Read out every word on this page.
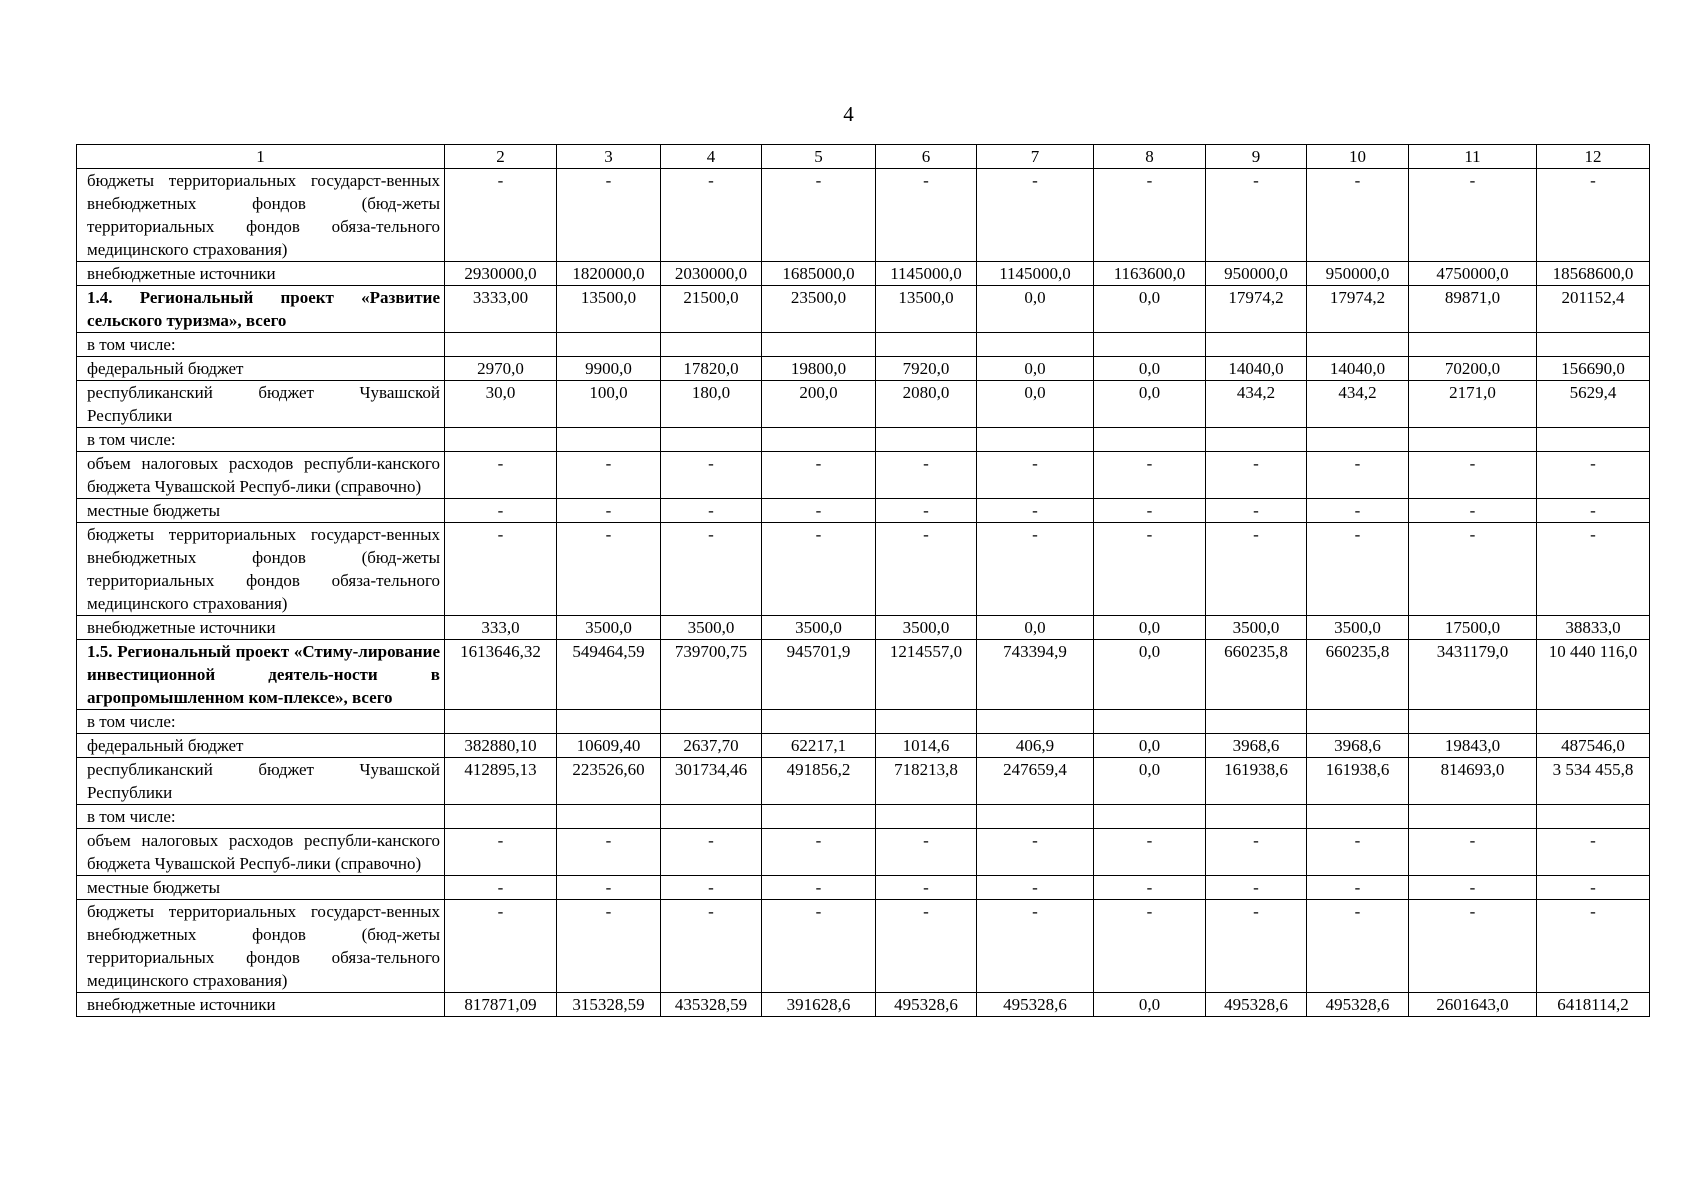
4
1	2	3	4	5	6	7	8	9	10	11	12
бюджеты территориальных государст-венных внебюджетных фондов (бюд-жеты территориальных фондов обяза-тельного медицинского страхования)	-	-	-	-	-	-	-	-	-	-	-
внебюджетные источники	2930000,0	1820000,0	2030000,0	1685000,0	1145000,0	1145000,0	1163600,0	950000,0	950000,0	4750000,0	18568600,0
1.4. Региональный проект «Развитие сельского туризма», всего	3333,00	13500,0	21500,0	23500,0	13500,0	0,0	0,0	17974,2	17974,2	89871,0	201152,4
в том числе:											
федеральный бюджет	2970,0	9900,0	17820,0	19800,0	7920,0	0,0	0,0	14040,0	14040,0	70200,0	156690,0
республиканский бюджет Чувашской Республики	30,0	100,0	180,0	200,0	2080,0	0,0	0,0	434,2	434,2	2171,0	5629,4
в том числе:											
объем налоговых расходов республи-канского бюджета Чувашской Респуб-лики (справочно)	-	-	-	-	-	-	-	-	-	-	-
местные бюджеты	-	-	-	-	-	-	-	-	-	-	-
бюджеты территориальных государст-венных внебюджетных фондов (бюд-жеты территориальных фондов обяза-тельного медицинского страхования)	-	-	-	-	-	-	-	-	-	-	-
внебюджетные источники	333,0	3500,0	3500,0	3500,0	3500,0	0,0	0,0	3500,0	3500,0	17500,0	38833,0
1.5. Региональный проект «Стиму-лирование инвестиционной деятель-ности в агропромышленном ком-плексе», всего	1613646,32	549464,59	739700,75	945701,9	1214557,0	743394,9	0,0	660235,8	660235,8	3431179,0	10 440 116,0
в том числе:											
федеральный бюджет	382880,10	10609,40	2637,70	62217,1	1014,6	406,9	0,0	3968,6	3968,6	19843,0	487546,0
республиканский бюджет Чувашской Республики	412895,13	223526,60	301734,46	491856,2	718213,8	247659,4	0,0	161938,6	161938,6	814693,0	3 534 455,8
в том числе:											
объем налоговых расходов республи-канского бюджета Чувашской Респуб-лики (справочно)	-	-	-	-	-	-	-	-	-	-	-
местные бюджеты	-	-	-	-	-	-	-	-	-	-	-
бюджеты территориальных государст-венных внебюджетных фондов (бюд-жеты территориальных фондов обяза-тельного медицинского страхования)	-	-	-	-	-	-	-	-	-	-	-
внебюджетные источники	817871,09	315328,59	435328,59	391628,6	495328,6	495328,6	0,0	495328,6	495328,6	2601643,0	6418114,2
